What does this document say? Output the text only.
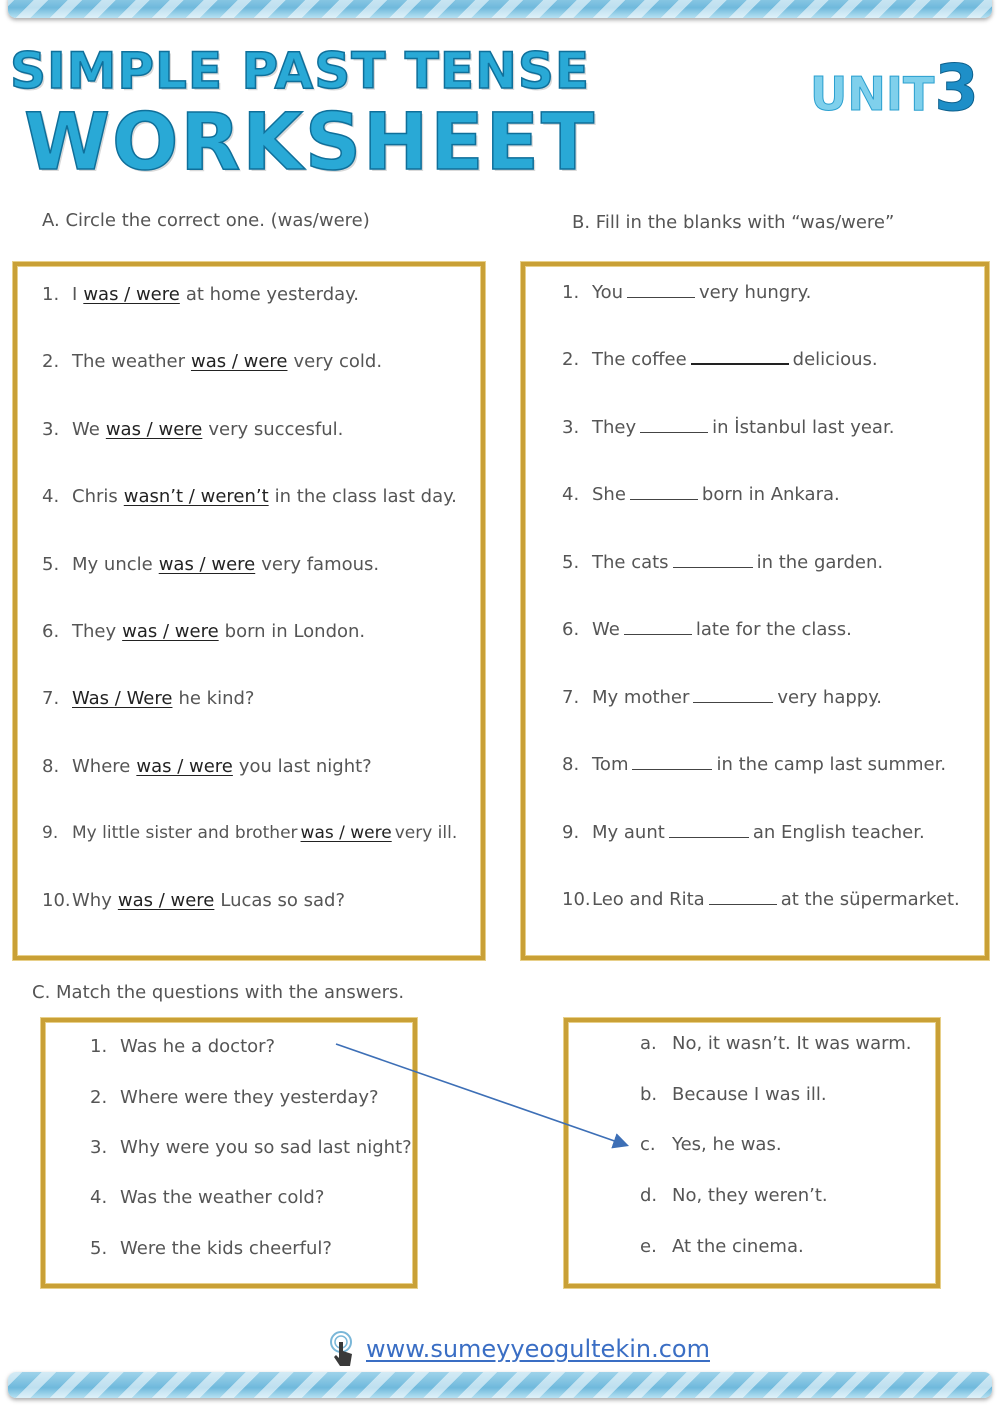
SIMPLE PAST TENSE
WORKSHEET
UNIT3
A. Circle the correct one. (was/were)
1. I was / were at home yesterday.
2. The weather was / were very cold.
3. We was / were very succesful.
4. Chris wasn’t / weren’t in the class last day.
5. My uncle was / were very famous.
6. They was / were born in London.
7. Was / Were he kind?
8. Where was / were you last night?
9. My little sister and brother was / were very ill.
10.Why was / were Lucas so sad?
B. Fill in the blanks with “was/were”
1. You	very hungry.
2. The coffee	delicious.
3. They	in İstanbul last year.
4. She	born in Ankara.
5. The cats	in the garden.
6. We	late for the class.
7. My mother	very happy.
8. Tom	in the camp last summer.
9. My aunt	an English teacher.
10.Leo and Rita	at the süpermarket.
C. Match the questions with the answers.
1. Was he a doctor?
2. Where were they yesterday?
3. Why were you so sad last night?
4. Was the weather cold?
5. Were the kids cheerful?
a. No, it wasn’t. It was warm.
b. Because I was ill.
c. Yes, he was.
d. No, they weren’t.
e. At the cinema.
www.sumeyyeogultekin.com
